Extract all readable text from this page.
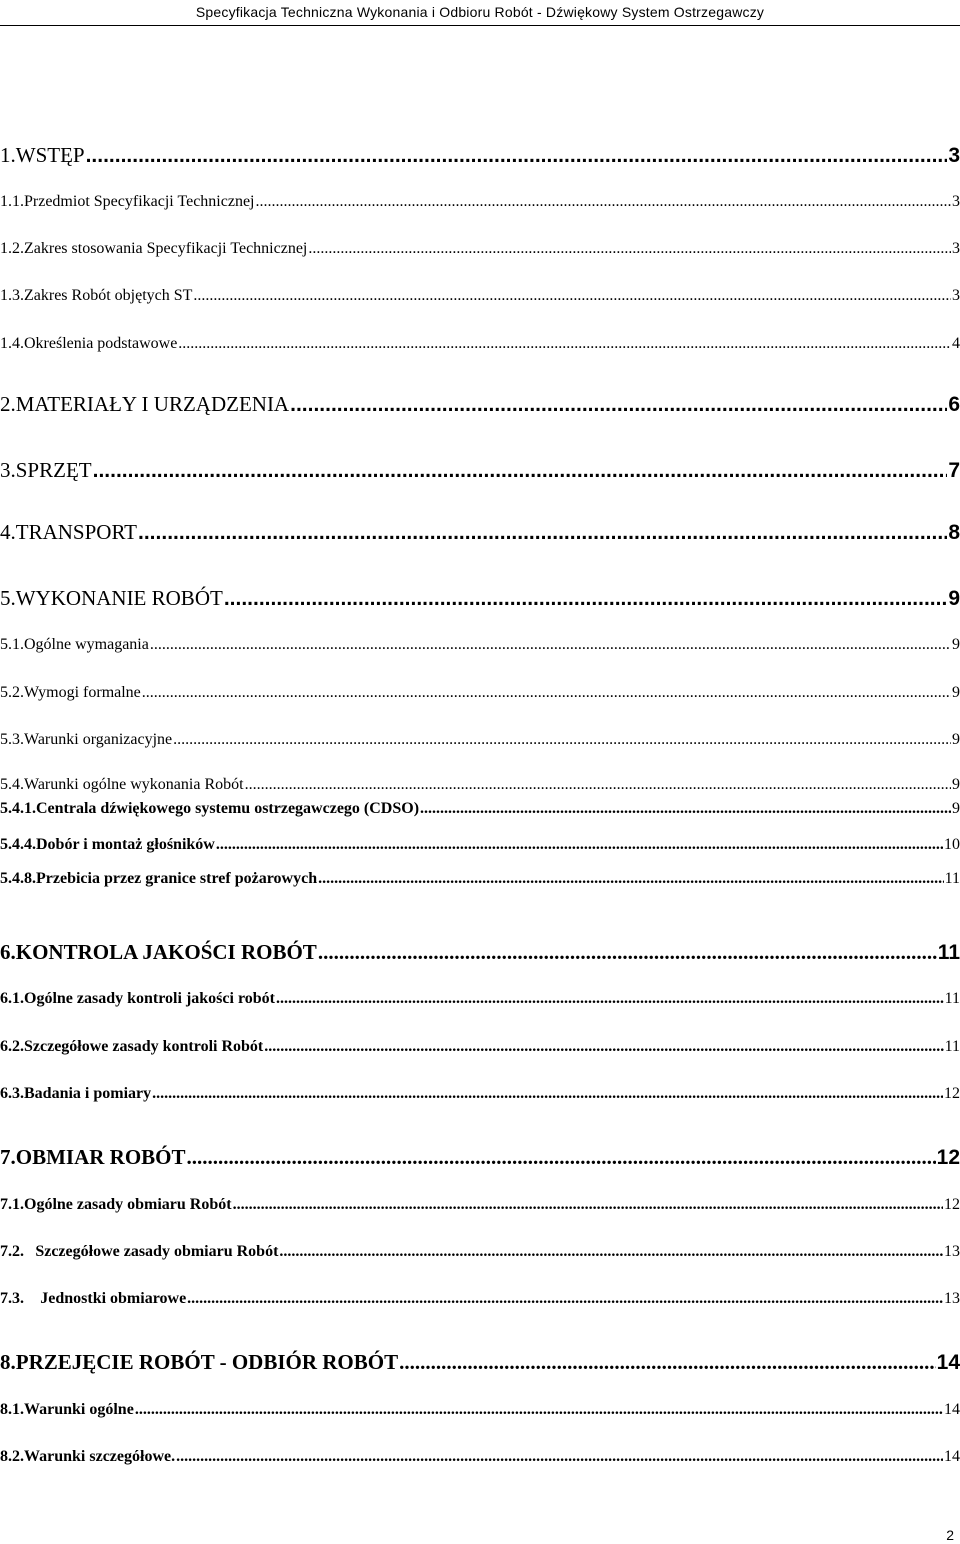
Specyfikacja Techniczna Wykonania i Odbioru Robót - Dźwiękowy System Ostrzegawczy
1. WSTĘP .....	3
1.1. Przedmiot Specyfikacji Technicznej .....	3
1.2. Zakres stosowania Specyfikacji Technicznej .....	3
1.3. Zakres Robót objętych ST .....	3
1.4. Określenia podstawowe .....	4
2. MATERIAŁY I URZĄDZENIA .....	6
3. SPRZĘT .....	7
4. TRANSPORT .....	8
5. WYKONANIE ROBÓT .....	9
5.1. Ogólne wymagania .....	9
5.2. Wymogi formalne .....	9
5.3. Warunki organizacyjne .....	9
5.4. Warunki ogólne wykonania Robót .....	9
5.4.1. Centrala dźwiękowego systemu ostrzegawczego (CDSO) .....	9
5.4.4. Dobór i montaż głośników .....	10
5.4.8. Przebicia przez granice stref pożarowych .....	11
6. KONTROLA JAKOŚCI ROBÓT .....	11
6.1. Ogólne zasady kontroli jakości robót .....	11
6.2. Szczegółowe zasady kontroli Robót .....	11
6.3. Badania i pomiary .....	12
7. OBMIAR ROBÓT .....	12
7.1. Ogólne zasady obmiaru Robót .....	12
7.2. Szczegółowe zasady obmiaru Robót .....	13
7.3.	Jednostki obmiarowe .....	13
8. PRZEJĘCIE ROBÓT - ODBIÓR ROBÓT .....	14
8.1. Warunki ogólne .....	14
8.2. Warunki szczegółowe. .....	14
2
